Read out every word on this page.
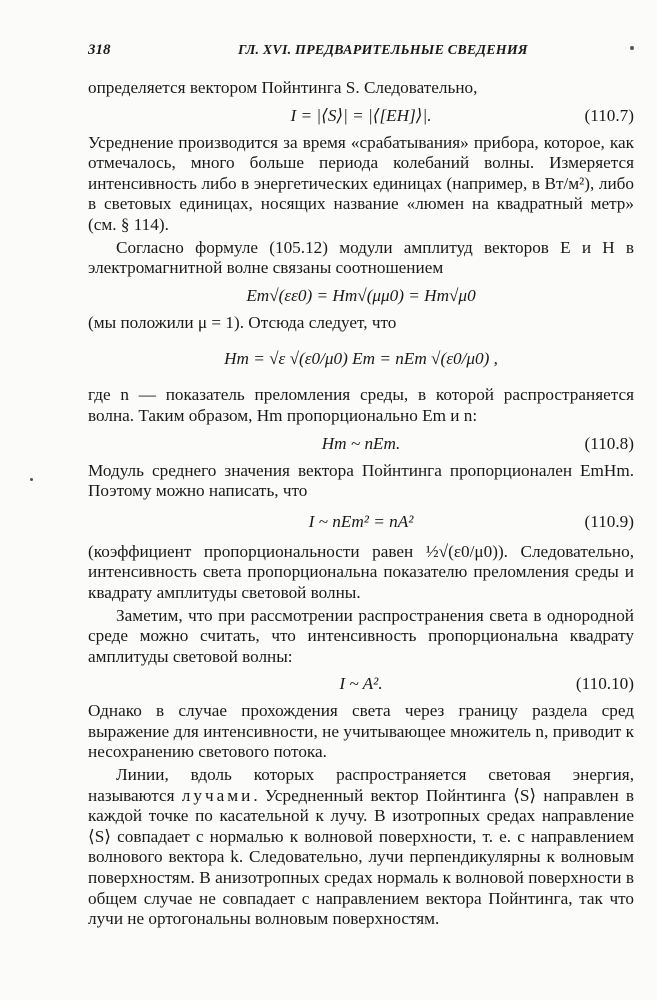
318	ГЛ. XVI. ПРЕДВАРИТЕЛЬНЫЕ СВЕДЕНИЯ

определяется вектором Пойнтинга S. Следовательно,

I = |⟨S⟩| = |⟨[EH]⟩|.	(110.7)

Усреднение производится за время «срабатывания» прибора, которое, как отмечалось, много больше периода колебаний волны. Измеряется интенсивность либо в энергетических единицах (например, в Вт/м²), либо в световых единицах, носящих название «люмен на квадратный метр» (см. § 114).

Согласно формуле (105.12) модули амплитуд векторов E и H в электромагнитной волне связаны соотношением

Em√(εε0) = Hm√(μμ0) = Hm√μ0

(мы положили μ = 1). Отсюда следует, что

Hm = √ε √(ε0/μ0) Em = nEm √(ε0/μ0) ,

где n — показатель преломления среды, в которой распространяется волна. Таким образом, Hm пропорционально Em и n:

Hm ~ nEm.	(110.8)

Модуль среднего значения вектора Пойнтинга пропорционален EmHm. Поэтому можно написать, что

I ~ nEm² = nA²	(110.9)

(коэффициент пропорциональности равен ½√(ε0/μ0)). Следовательно, интенсивность света пропорциональна показателю преломления среды и квадрату амплитуды световой волны.

Заметим, что при рассмотрении распространения света в однородной среде можно считать, что интенсивность пропорциональна квадрату амплитуды световой волны:

I ~ A².	(110.10)

Однако в случае прохождения света через границу раздела сред выражение для интенсивности, не учитывающее множитель n, приводит к несохранению светового потока.

Линии, вдоль которых распространяется световая энергия, называются лучами. Усредненный вектор Пойнтинга ⟨S⟩ направлен в каждой точке по касательной к лучу. В изотропных средах направление ⟨S⟩ совпадает с нормалью к волновой поверхности, т. е. с направлением волнового вектора k. Следовательно, лучи перпендикулярны к волновым поверхностям. В анизотропных средах нормаль к волновой поверхности в общем случае не совпадает с направлением вектора Пойнтинга, так что лучи не ортогональны волновым поверхностям.
